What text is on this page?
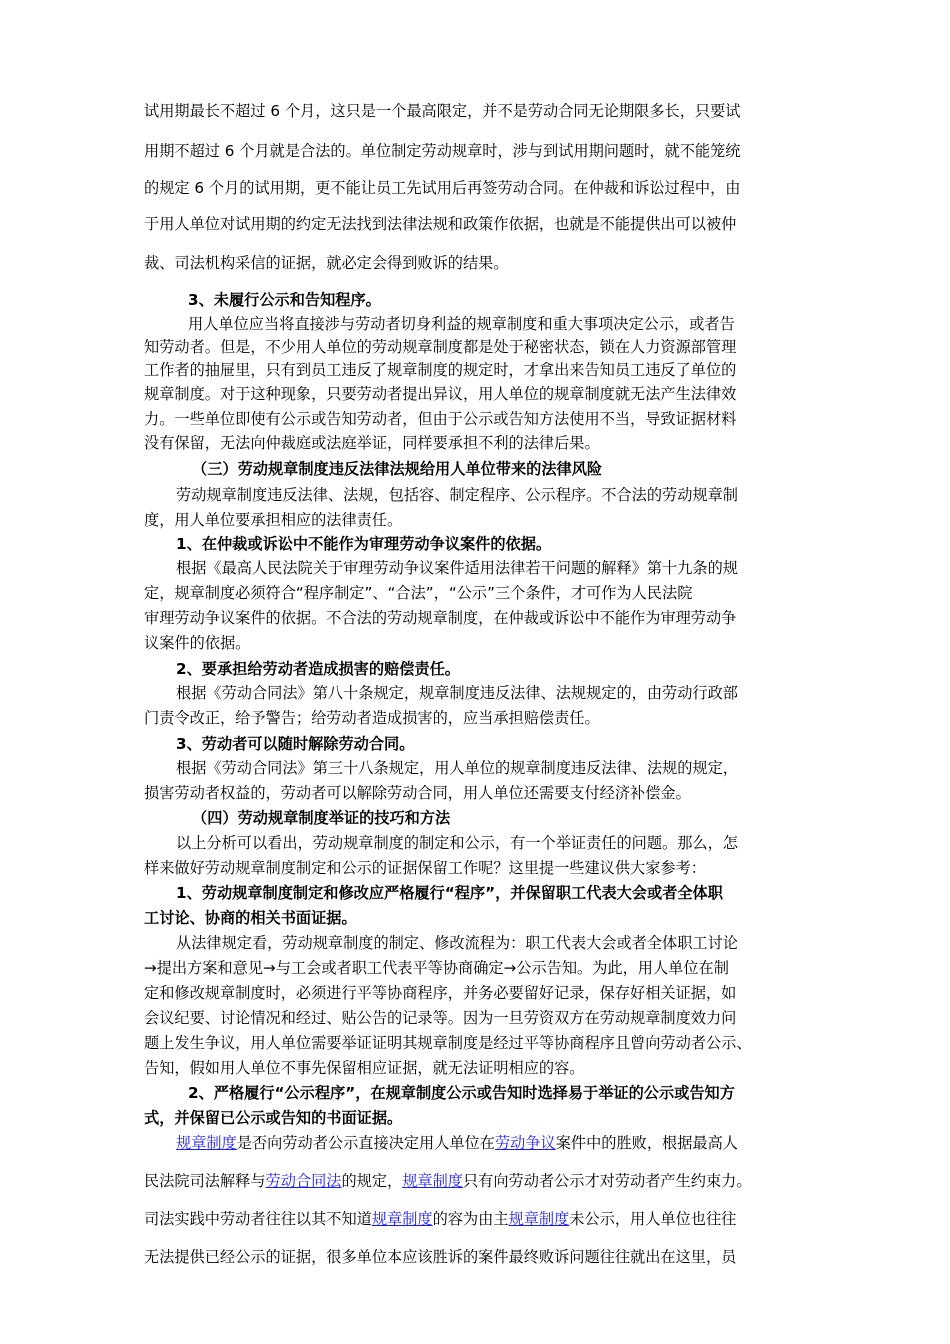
试用期最长不超过 6 个月，这只是一个最高限定，并不是劳动合同无论期限多长，只要试
用期不超过 6 个月就是合法的。单位制定劳动规章时，涉与到试用期问题时，就不能笼统
的规定 6 个月的试用期，更不能让员工先试用后再签劳动合同。在仲裁和诉讼过程中，由
于用人单位对试用期的约定无法找到法律法规和政策作依据，也就是不能提供出可以被仲
裁、司法机构采信的证据，就必定会得到败诉的结果。
3、未履行公示和告知程序。
用人单位应当将直接涉与劳动者切身利益的规章制度和重大事项决定公示，或者告
知劳动者。但是，不少用人单位的劳动规章制度都是处于秘密状态，锁在人力资源部管理
工作者的抽屉里，只有到员工违反了规章制度的规定时，才拿出来告知员工违反了单位的
规章制度。对于这种现象，只要劳动者提出异议，用人单位的规章制度就无法产生法律效
力。一些单位即使有公示或告知劳动者，但由于公示或告知方法使用不当，导致证据材料
没有保留，无法向仲裁庭或法庭举证，同样要承担不利的法律后果。
（三）劳动规章制度违反法律法规给用人单位带来的法律风险
劳动规章制度违反法律、法规，包括容、制定程序、公示程序。不合法的劳动规章制
度，用人单位要承担相应的法律责任。
1、在仲裁或诉讼中不能作为审理劳动争议案件的依据。
根据《最高人民法院关于审理劳动争议案件适用法律若干问题的解释》第十九条的规
定，规章制度必须符合“程序制定”、“合法”，“公示”三个条件，才可作为人民法院
审理劳动争议案件的依据。不合法的劳动规章制度，在仲裁或诉讼中不能作为审理劳动争
议案件的依据。
2、要承担给劳动者造成损害的赔偿责任。
根据《劳动合同法》第八十条规定，规章制度违反法律、法规规定的，由劳动行政部
门责令改正，给予警告；给劳动者造成损害的，应当承担赔偿责任。
3、劳动者可以随时解除劳动合同。
根据《劳动合同法》第三十八条规定，用人单位的规章制度违反法律、法规的规定，
损害劳动者权益的，劳动者可以解除劳动合同，用人单位还需要支付经济补偿金。
（四）劳动规章制度举证的技巧和方法
以上分析可以看出，劳动规章制度的制定和公示，有一个举证责任的问题。那么，怎
样来做好劳动规章制度制定和公示的证据保留工作呢？这里提一些建议供大家参考：
1、劳动规章制度制定和修改应严格履行“程序”，并保留职工代表大会或者全体职
工讨论、协商的相关书面证据。
从法律规定看，劳动规章制度的制定、修改流程为：职工代表大会或者全体职工讨论
→提出方案和意见→与工会或者职工代表平等协商确定→公示告知。为此，用人单位在制
定和修改规章制度时，必须进行平等协商程序，并务必要留好记录，保存好相关证据，如
会议纪要、讨论情况和经过、贴公告的记录等。因为一旦劳资双方在劳动规章制度效力问
题上发生争议，用人单位需要举证证明其规章制度是经过平等协商程序且曾向劳动者公示、
告知，假如用人单位不事先保留相应证据，就无法证明相应的容。
2、严格履行“公示程序”，在规章制度公示或告知时选择易于举证的公示或告知方
式，并保留已公示或告知的书面证据。
规章制度是否向劳动者公示直接决定用人单位在劳动争议案件中的胜败，根据最高人
民法院司法解释与劳动合同法的规定，规章制度只有向劳动者公示才对劳动者产生约束力。
司法实践中劳动者往往以其不知道规章制度的容为由主规章制度未公示，用人单位也往往
无法提供已经公示的证据，很多单位本应该胜诉的案件最终败诉问题往往就出在这里，员
